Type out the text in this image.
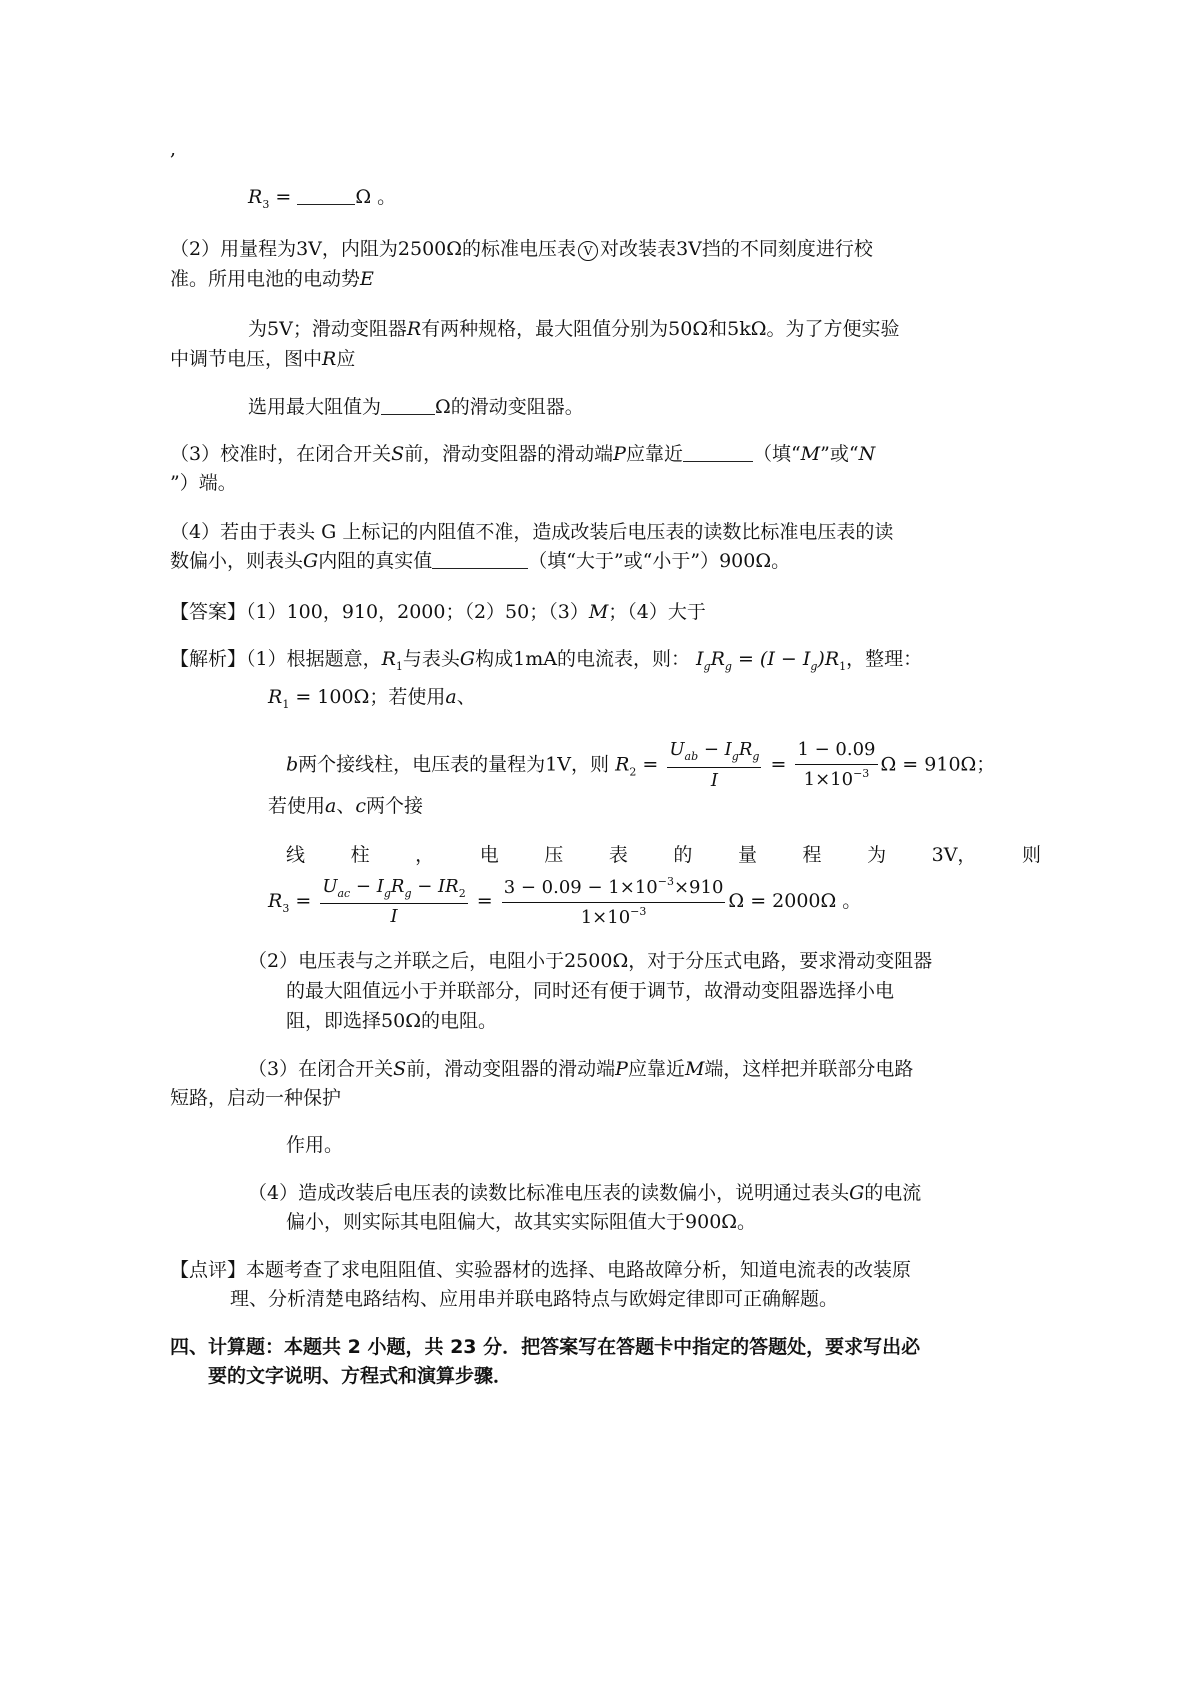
,
$R_3$ =	Ω 。
（2）用量程为3V，内阻为2500Ω的标准电压表 V 对改装表3V挡的不同刻度进行校
准。所用电池的电动势E
为5V；滑动变阻器R有两种规格，最大阻值分别为50Ω和5kΩ。为了方便实验
中调节电压，图中R应
选用最大阻值为	Ω的滑动变阻器。
（3）校准时，在闭合开关S前，滑动变阻器的滑动端P应靠近	（填“M”或“N
”）端。
（4）若由于表头 G 上标记的内阻值不准，造成改装后电压表的读数比标准电压表的读
数偏小，则表头G内阻的真实值	（填“大于”或“小于”）900Ω。
【答案】（1）100，910，2000；（2）50；（3）M；（4）大于
【解析】（1）根据题意，$R_1$与表头G构成1mA的电流表，则： $I_gR_g = (I - I_g)R_1$，整理：
$R_1 = 100\Omega$；若使用a、
b两个接线柱，电压表的量程为1V，则 $R_2 = \frac{U_{ab} - I_gR_g}{I} = \frac{1 - 0.09}{1\times 10^{-3}}$ Ω = 910Ω；
若使用a、c两个接
线 柱 ， 电 压 表 的 量 程 为 3V， 则
$R_3 = \frac{U_{ac} - I_gR_g - IR_2}{I} = \frac{3 - 0.09 - 1\times 10^{-3}\times 910}{1\times 10^{-3}}$ Ω = 2000Ω 。
（2）电压表与之并联之后，电阻小于2500Ω，对于分压式电路，要求滑动变阻器
的最大阻值远小于并联部分，同时还有便于调节，故滑动变阻器选择小电
阻，即选择50Ω的电阻。
（3）在闭合开关S前，滑动变阻器的滑动端P应靠近M端，这样把并联部分电路
短路，启动一种保护
作用。
（4）造成改装后电压表的读数比标准电压表的读数偏小，说明通过表头G的电流
偏小，则实际其电阻偏大，故其实实际阻值大于900Ω。
【点评】本题考查了求电阻阻值、实验器材的选择、电路故障分析，知道电流表的改装原
理、分析清楚电路结构、应用串并联电路特点与欧姆定律即可正确解题。
四、计算题：本题共 2 小题，共 23 分．把答案写在答题卡中指定的答题处，要求写出必
要的文字说明、方程式和演算步骤．
